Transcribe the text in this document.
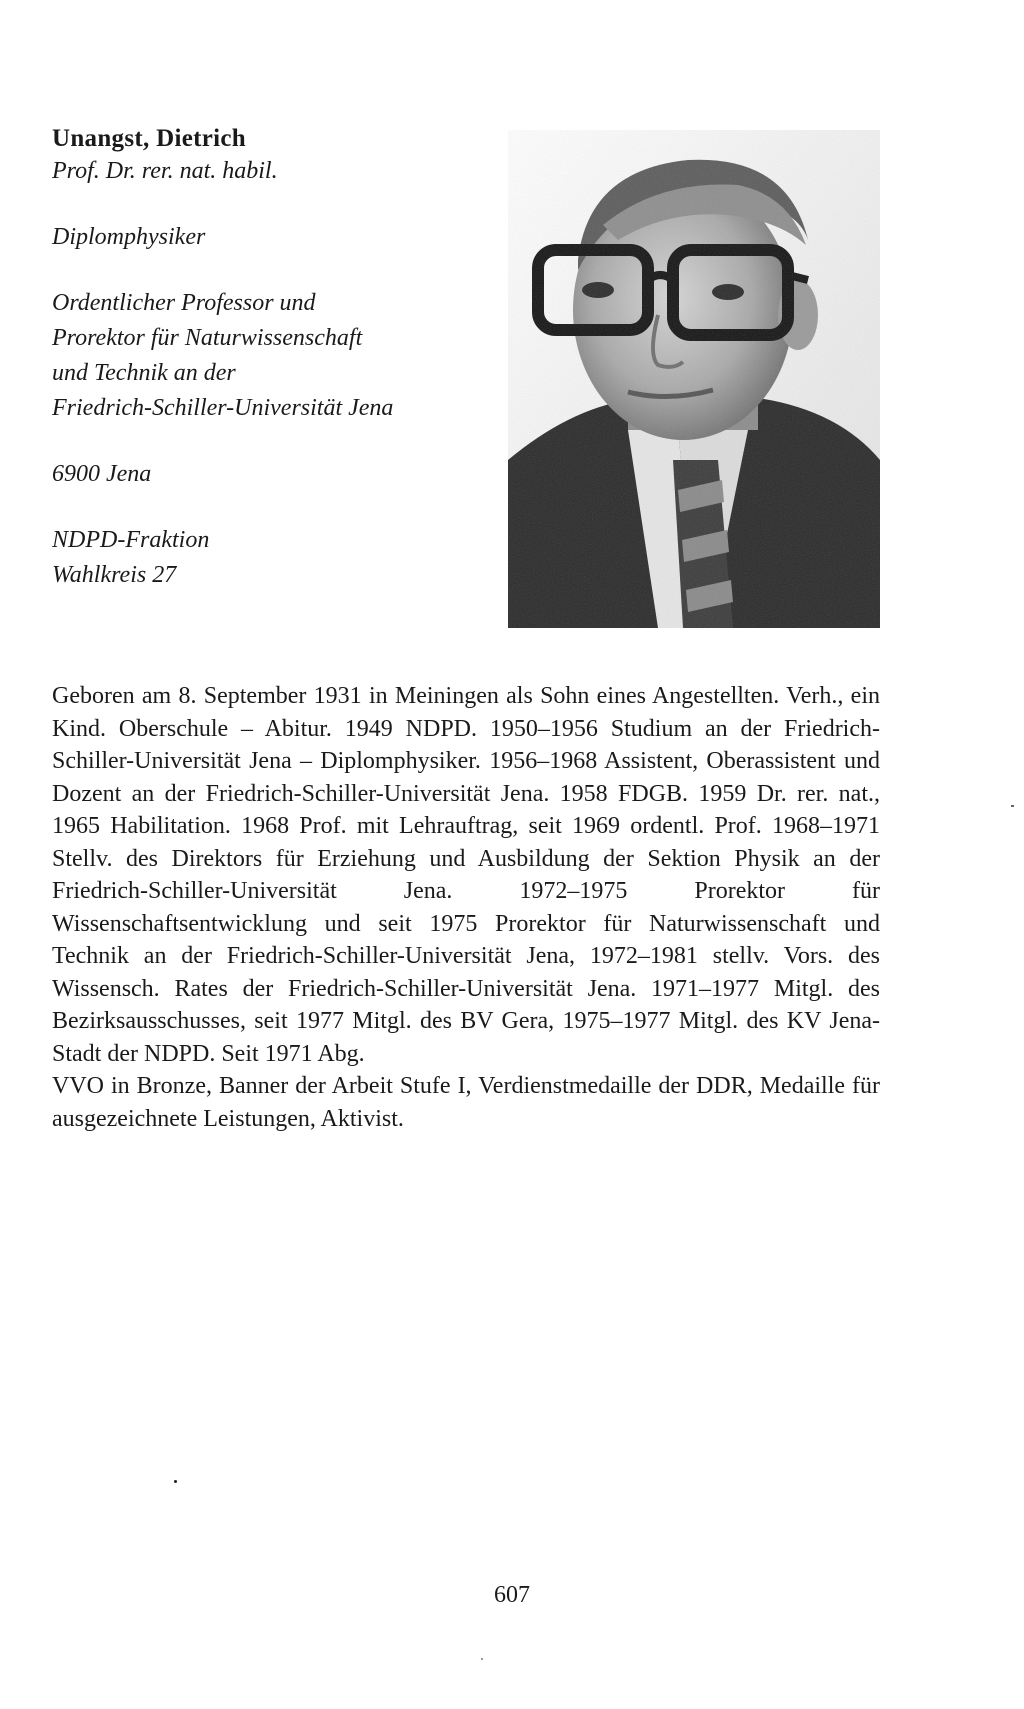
Unangst, Dietrich

Prof. Dr. rer. nat. habil.

Diplomphysiker

Ordentlicher Professor und

Prorektor für Naturwissenschaft

und Technik an der

Friedrich-Schiller-Universität Jena

6900 Jena

NDPD-Fraktion

Wahlkreis 27

Geboren am 8. September 1931 in Meiningen als Sohn eines Angestellten. Verh., ein Kind. Oberschule – Abitur. 1949 NDPD. 1950–1956 Studium an der Friedrich-Schiller-Universität Jena – Diplomphysiker. 1956–1968 Assistent, Oberassistent und Dozent an der Friedrich-Schiller-Universität Jena. 1958 FDGB. 1959 Dr. rer. nat., 1965 Habilitation. 1968 Prof. mit Lehrauftrag, seit 1969 ordentl. Prof. 1968–1971 Stellv. des Direktors für Erziehung und Ausbildung der Sektion Physik an der Friedrich-Schiller-Universität Jena. 1972–1975 Prorektor für Wissenschaftsentwicklung und seit 1975 Prorektor für Naturwissenschaft und Technik an der Friedrich-Schiller-Universität Jena, 1972–1981 stellv. Vors. des Wissensch. Rates der Friedrich-Schiller-Universität Jena. 1971–1977 Mitgl. des Bezirksausschusses, seit 1977 Mitgl. des BV Gera, 1975–1977 Mitgl. des KV Jena-Stadt der NDPD. Seit 1971 Abg.

VVO in Bronze, Banner der Arbeit Stufe I, Verdienstmedaille der DDR, Medaille für ausgezeichnete Leistungen, Aktivist.

607
